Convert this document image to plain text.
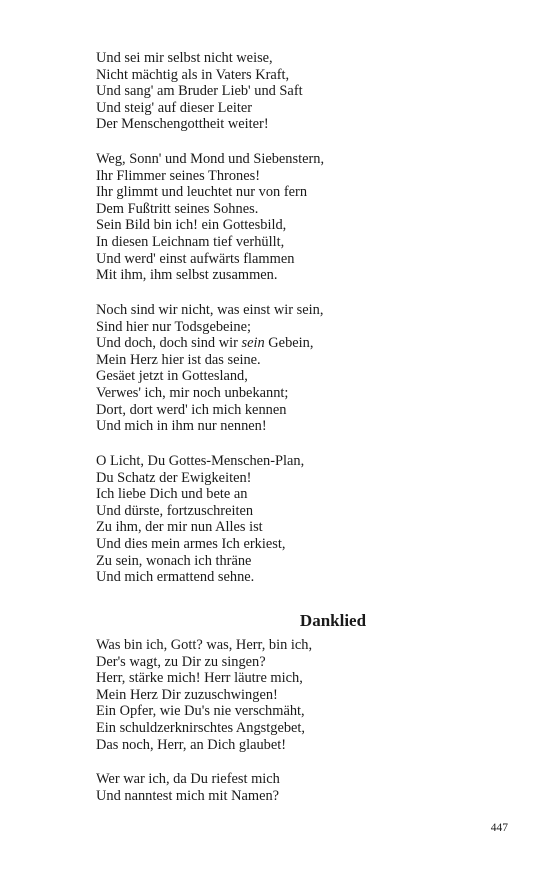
Und sei mir selbst nicht weise,
Nicht mächtig als in Vaters Kraft,
Und sang' am Bruder Lieb' und Saft
Und steig' auf dieser Leiter
Der Menschengottheit weiter!
Weg, Sonn' und Mond und Siebenstern,
Ihr Flimmer seines Thrones!
Ihr glimmt und leuchtet nur von fern
Dem Fußtritt seines Sohnes.
Sein Bild bin ich! ein Gottesbild,
In diesen Leichnam tief verhüllt,
Und werd' einst aufwärts flammen
Mit ihm, ihm selbst zusammen.
Noch sind wir nicht, was einst wir sein,
Sind hier nur Todsgebeine;
Und doch, doch sind wir sein Gebein,
Mein Herz hier ist das seine.
Gesäet jetzt in Gottesland,
Verwes' ich, mir noch unbekannt;
Dort, dort werd' ich mich kennen
Und mich in ihm nur nennen!
O Licht, Du Gottes-Menschen-Plan,
Du Schatz der Ewigkeiten!
Ich liebe Dich und bete an
Und dürste, fortzuschreiten
Zu ihm, der mir nun Alles ist
Und dies mein armes Ich erkiest,
Zu sein, wonach ich thräne
Und mich ermattend sehne.
Danklied
Was bin ich, Gott? was, Herr, bin ich,
Der's wagt, zu Dir zu singen?
Herr, stärke mich! Herr läutre mich,
Mein Herz Dir zuzuschwingen!
Ein Opfer, wie Du's nie verschmäht,
Ein schuldzerknirschtes Angstgebet,
Das noch, Herr, an Dich glaubet!
Wer war ich, da Du riefest mich
Und nanntest mich mit Namen?
447
